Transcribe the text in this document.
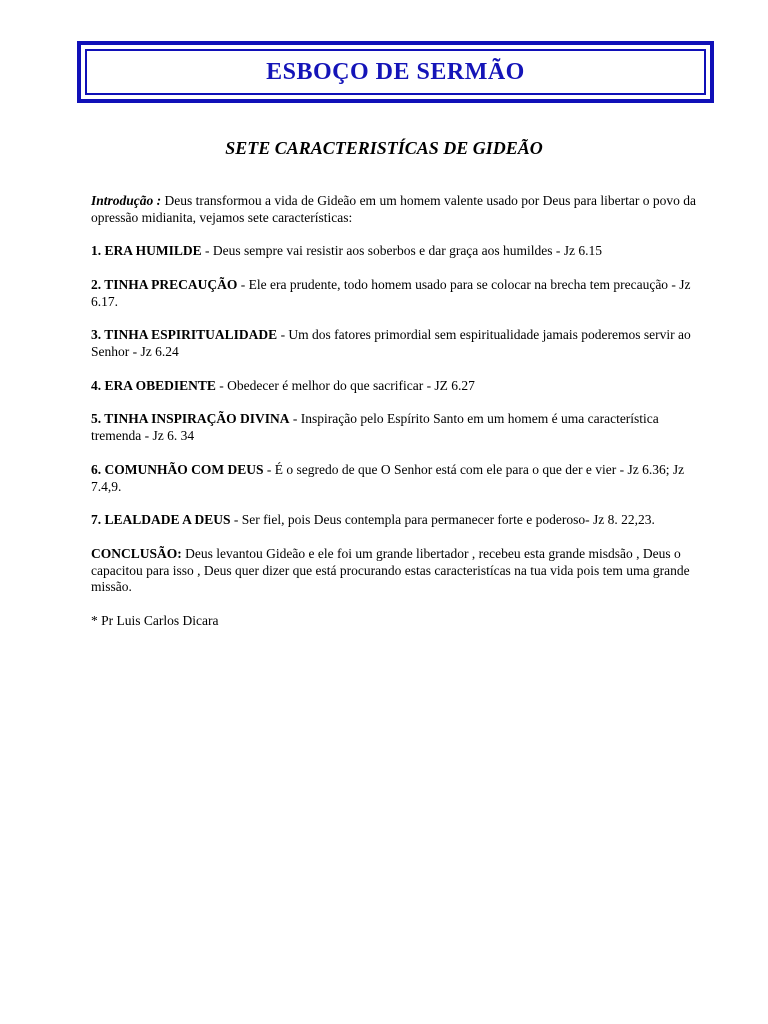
ESBOÇO DE SERMÃO
SETE CARACTERISTÍCAS DE GIDEÃO

Introdução : Deus transformou a vida de Gideão em um homem valente usado por Deus para libertar o povo da opressão midianita, vejamos sete características:

1. ERA HUMILDE - Deus sempre vai resistir aos soberbos e dar graça aos humildes - Jz 6.15

2. TINHA PRECAUÇÃO - Ele era prudente, todo homem usado para se colocar na brecha tem precaução - Jz 6.17.

3. TINHA ESPIRITUALIDADE - Um dos fatores primordial sem espiritualidade jamais poderemos servir ao Senhor - Jz 6.24

4. ERA OBEDIENTE - Obedecer é melhor do que sacrificar - JZ 6.27

5. TINHA INSPIRAÇÃO DIVINA - Inspiração pelo Espírito Santo em um homem é uma característica tremenda - Jz 6. 34

6. COMUNHÃO COM DEUS - É o segredo de que O Senhor está com ele para o que der e vier - Jz 6.36; Jz 7.4,9.

7. LEALDADE A DEUS - Ser fiel, pois Deus contempla para permanecer forte e poderoso- Jz 8. 22,23.

CONCLUSÃO: Deus levantou Gideão e ele foi um grande libertador , recebeu esta grande misdsão , Deus o capacitou para isso , Deus quer dizer que está procurando estas caracteristícas na tua vida pois tem uma grande missão.

* Pr Luis Carlos Dicara
